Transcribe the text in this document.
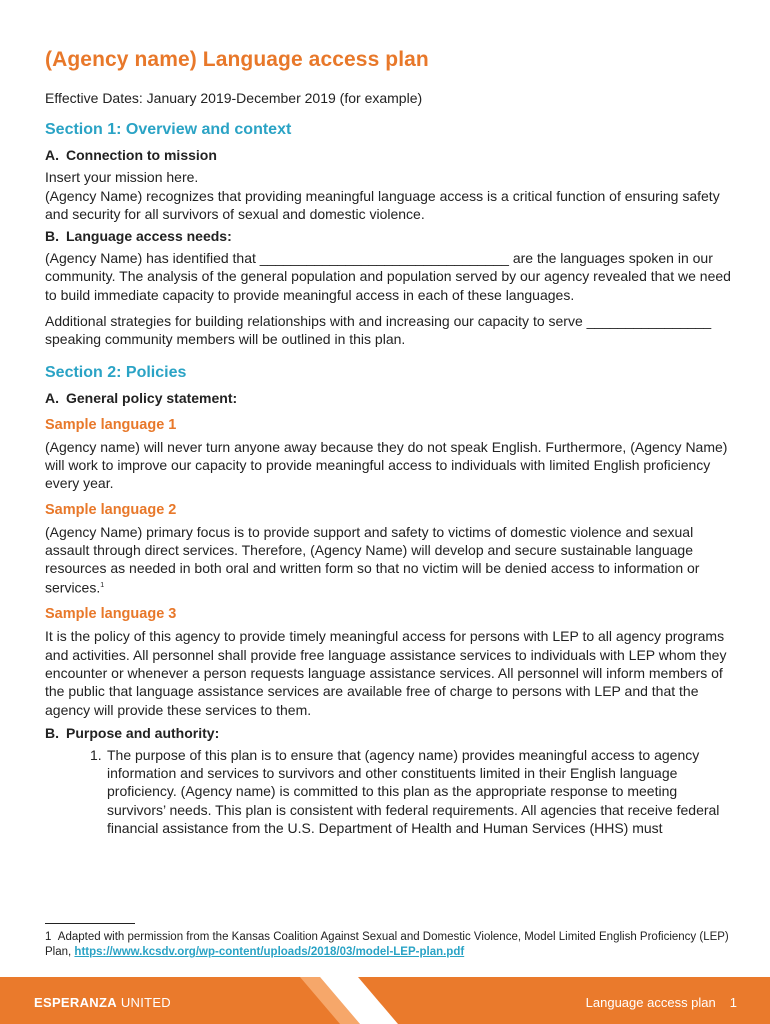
(Agency name) Language access plan

Effective Dates: January 2019-December 2019 (for example)

Section 1: Overview and context
A. Connection to mission

Insert your mission here.

(Agency Name) recognizes that providing meaningful language access is a critical function of ensuring safety and security for all survivors of sexual and domestic violence.

B. Language access needs:

(Agency Name) has identified that ________________________________ are the languages spoken in our community. The analysis of the general population and population served by our agency revealed that we need to build immediate capacity to provide meaningful access in each of these languages.

Additional strategies for building relationships with and increasing our capacity to serve ________________ speaking community members will be outlined in this plan.

Section 2: Policies
A. General policy statement:
Sample language 1

(Agency name) will never turn anyone away because they do not speak English. Furthermore, (Agency Name) will work to improve our capacity to provide meaningful access to individuals with limited English proficiency every year.

Sample language 2

(Agency Name) primary focus is to provide support and safety to victims of domestic violence and sexual assault through direct services. Therefore, (Agency Name) will develop and secure sustainable language resources as needed in both oral and written form so that no victim will be denied access to information or services.$^1$

Sample language 3

It is the policy of this agency to provide timely meaningful access for persons with LEP to all agency programs and activities. All personnel shall provide free language assistance services to individuals with LEP whom they encounter or whenever a person requests language assistance services. All personnel will inform members of the public that language assistance services are available free of charge to persons with LEP and that the agency will provide these services to them.

B. Purpose and authority:
1. The purpose of this plan is to ensure that (agency name) provides meaningful access to agency information and services to survivors and other constituents limited in their English language proficiency. (Agency name) is committed to this plan as the appropriate response to meeting survivors’ needs. This plan is consistent with federal requirements. All agencies that receive federal financial assistance from the U.S. Department of Health and Human Services (HHS) must
1 Adapted with permission from the Kansas Coalition Against Sexual and Domestic Violence, Model Limited English Proficiency (LEP) Plan, https://www.kcsdv.org/wp-content/uploads/2018/03/model-LEP-plan.pdf
ESPERANZA UNITED	Language access plan 1
